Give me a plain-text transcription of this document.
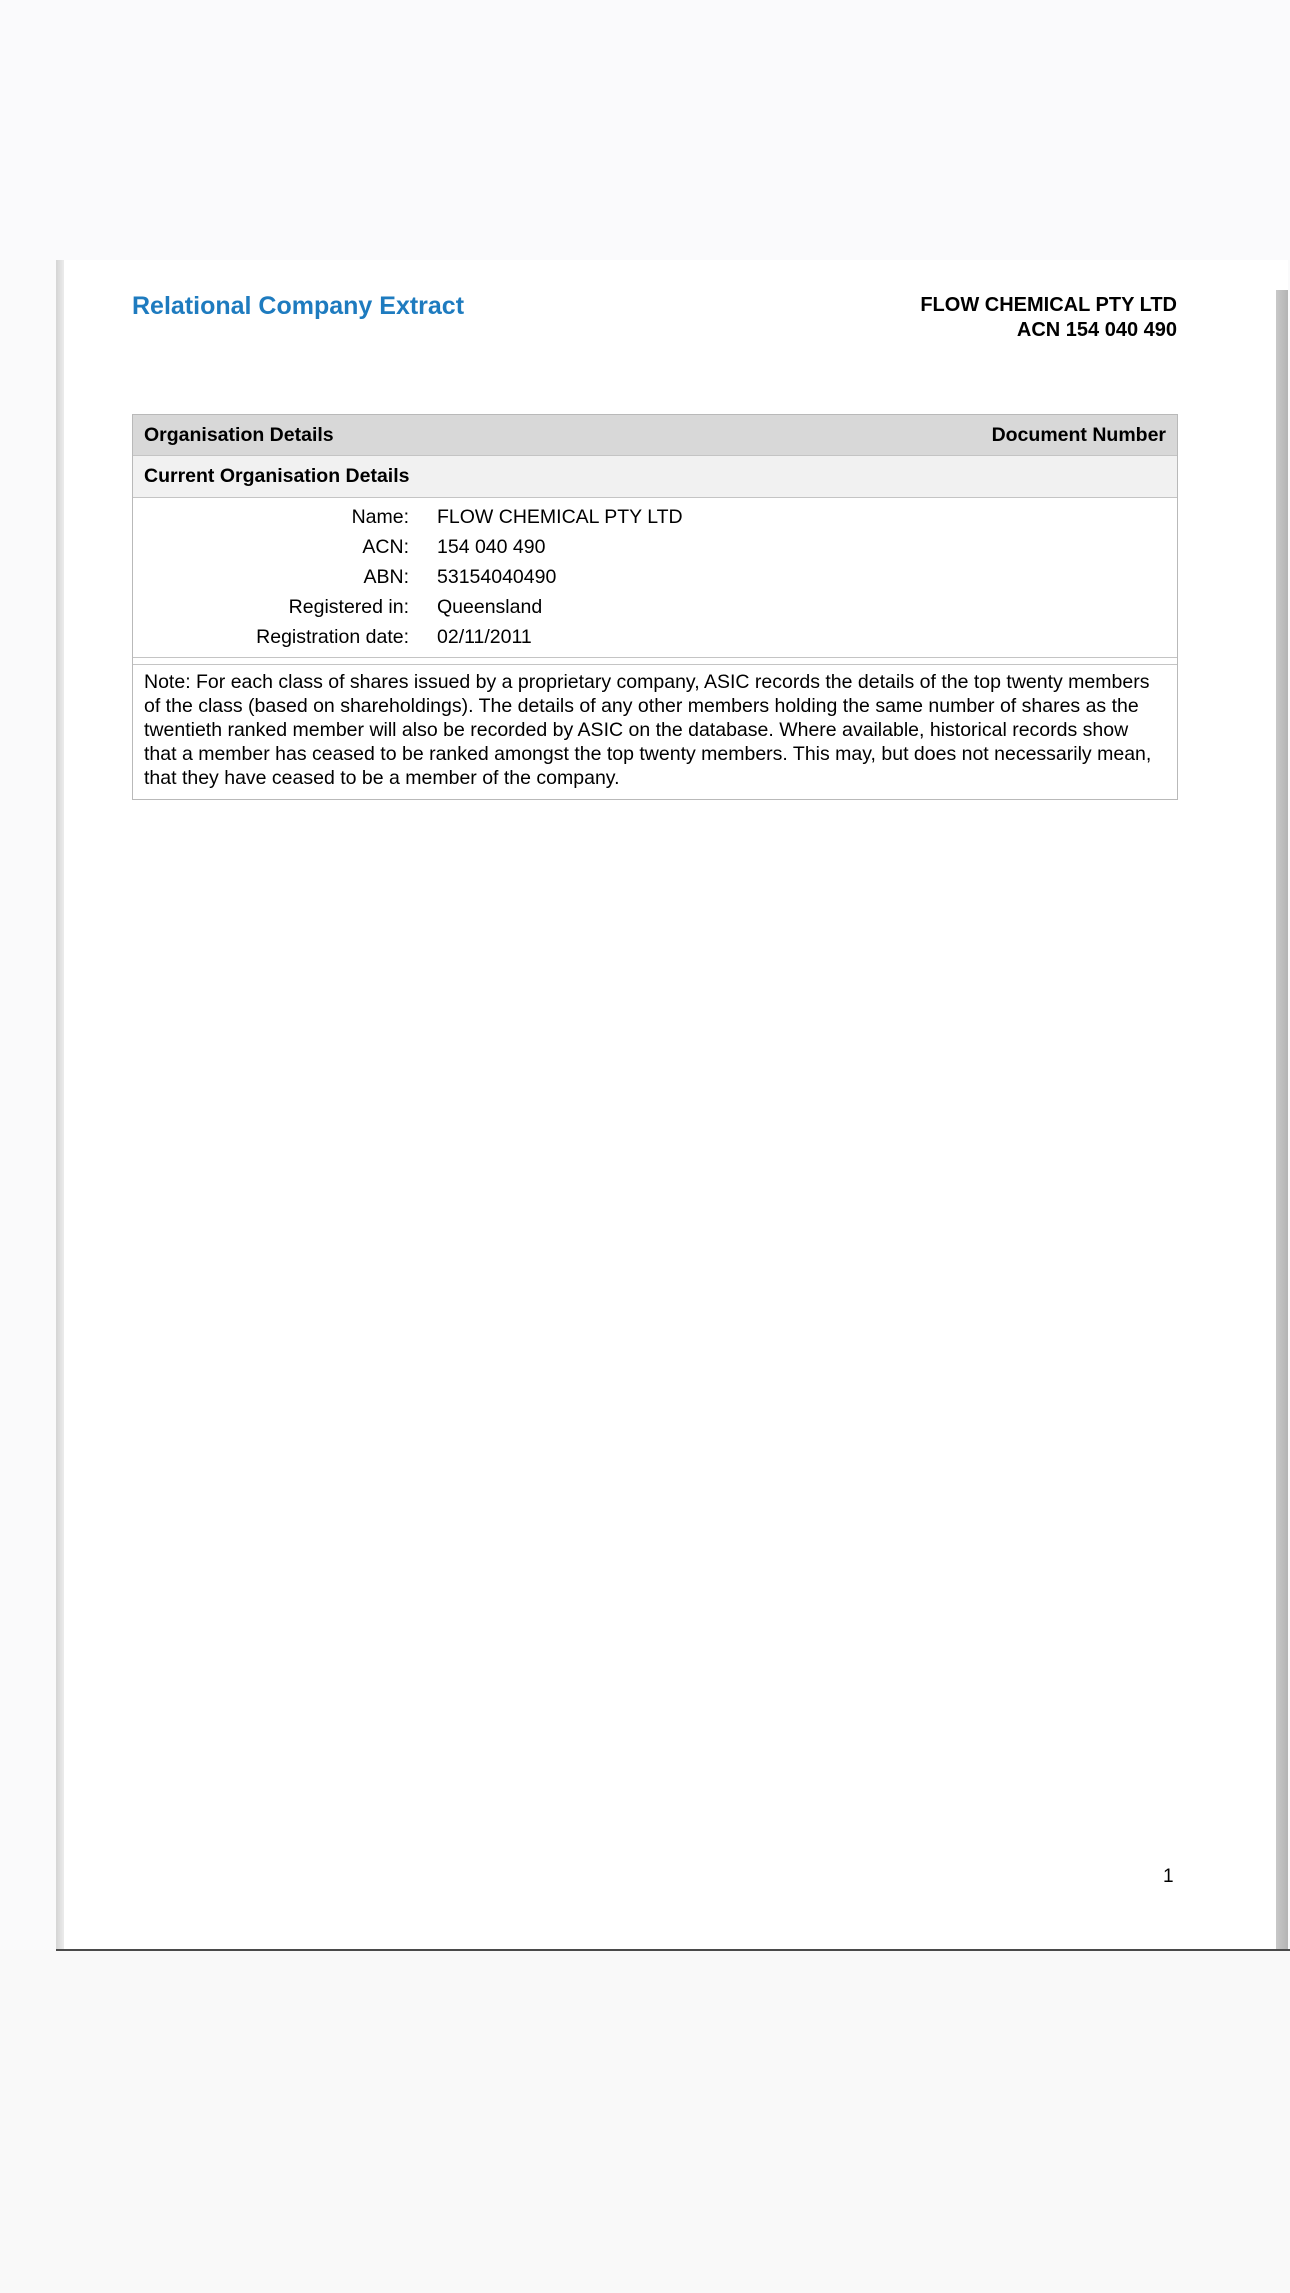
Relational Company Extract	FLOW CHEMICAL PTY LTD
ACN 154 040 490
Organisation Details	Document Number
Current Organisation Details
Name: FLOW CHEMICAL PTY LTD
ACN: 154 040 490
ABN: 53154040490
Registered in: Queensland
Registration date: 02/11/2011
Note: For each class of shares issued by a proprietary company, ASIC records the details of the top twenty members of the class (based on shareholdings). The details of any other members holding the same number of shares as the twentieth ranked member will also be recorded by ASIC on the database. Where available, historical records show that a member has ceased to be ranked amongst the top twenty members. This may, but does not necessarily mean, that they have ceased to be a member of the company.
1
